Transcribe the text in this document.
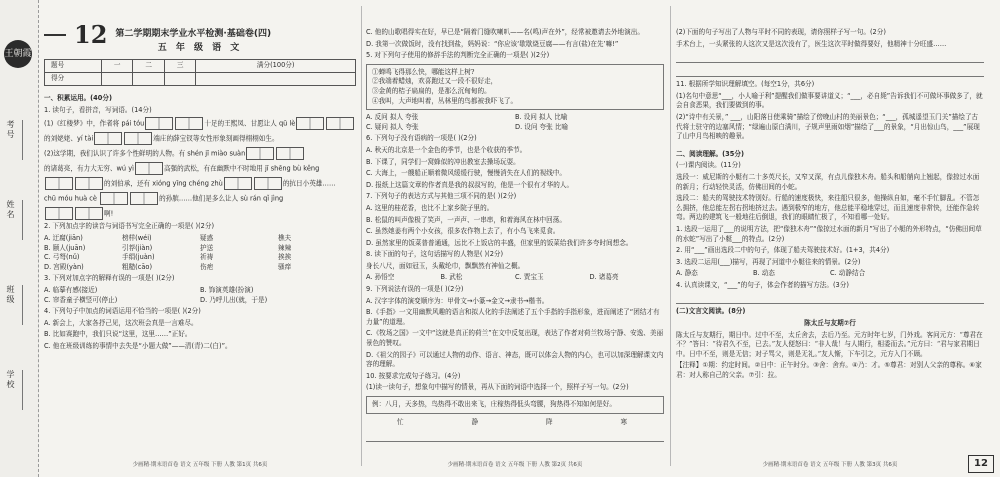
王朝霞
考号
姓名
班级
学校
12 第二学期期末学业水平检测·基础卷(四)
五 年 级 语 文
题号	一	二	三	满分(100分)
得分				
一、积累运用。(40分)
1. 读句子，看拼音，写词语。(14分)
(1)《红楼梦》中，作者将 pái tóu	十足的王熙凤、甘愿让人 qū lè
的刘姥姥、yí tài	端庄的薛宝钗等女性形象刻画得栩栩如生。
(2)这学期，我们认识了许多个性鲜明的人物。有 shén jī miào suàn
的诸葛亮，有力大无穷、wú yì	高强的武松，有在幽默中不时地用 jī shēng bù kěng
的刘伯承，还有 xióng yīng chéng zhù	的抗日小英雄……
chū móu huà cè	的孙膑……他们是多么让人 sù rán qǐ jìng
啊!
2. 下列加点字的读音与词语书写完全正确的一项是( )(2分)
A. 迂腐(jiān)	榜样(wéi)	疑惑	樵夫
B. 颐人(juān)	引荐(jiàn)	护送	辣辣
C. 弓弩(nǔ)	手绢(juàn)	祈祷	挨挨
D. 宫殿(yàn)	粗糙(cāo)	伤疤	骚痒
3. 下列对加点字的解释有误的一项是( )(2分)
A. 临摹有感(接近)	B. 饰演英雄(扮演)
C. 帘香童子横竖可(停止)	D. 乃呼儿出(就，于是)
4. 下列句子中加点的词语运用不恰当的一项是( )(2分)
A. 新会上，大家各抒己见，这次班会真是一言难尽。
B. 比如赛跑中，我们只说“这里，这里……”正好。
C. 他在班级训练的事情中去失是“小题大做”——清(青)二(白)”。
少画精·期末语首卷 语文 五年级 下册 人教 第1页 共6页
C. 他的山歌唱得实在好，早已是“隔着门缝吹喇叭——名(鸣)声在外”，经常被邀请去外地演出。
D. 我第一次做饭时，没有找到盐，妈妈说：“你应该‘歇歇烧豆腐——有言(盐)在先’嘛!”
5. 对下列句子使用的修辞手法的判断完全正确的一项是( )(2分)
①蝉鸣飞得那么快，哪能这样上树?
②我端着蜡烛，欢喜跑过又一段不很好走，
③金黄的桔子扁扁的，是那么沉甸甸的。
④我叫，大声地叫着，丛林里的鸟都被我吓飞了。
A. 反问 拟人 夸张	B. 设问 拟人 比喻
C. 疑问 拟人 夸张	D. 设问 夸张 比喻
6. 下列句子没有语病的一项是( )(2分)
A. 秋天的北京是一个金色的季节，也是个收获的季节。
B. 下课了，同学们一窝蜂似的冲出教室去操场玩耍。
C. 大海上，一艘船正顺着微风缓缓行驶，慢慢消失在人们的视线中。
D. 报纸上这篇文章的作者真是我的叔叔写的，他是一个很有才华的人。
7. 下列句子的表达方式与其他三项不同的是( )(2分)
A. 这里的桂花香，也比不上家乡院子里的。
B. 松鼠的叫声像极了笑声，一声声、一串串，和着海风在林中回荡。
C. 虽然她姜有两个小女孩，很多农作物上去了，有小鸟飞来觅食。
D. 虽然家里的饭菜普普通通，远比不上饭店的丰盛，但家里的饭菜给我们许多夸时间想念。
8. 读下面的句子，这句话描写的人物是( )(2分)
身长八尺，面如冠玉，头戴纶巾，飘飘然有神仙之概。
A. 孙悟空	B. 武松	C. 贾宝玉	D. 诸葛亮
9. 下列说法有误的一项是( )(2分)
A. 汉字字体的演变顺序为：甲骨文→小篆→金文→隶书→楷书。
B.《手指》一文用幽默风趣的语言和拟人化的手法阐述了五个手指的手指形象，进而阐述了“团结才有力量”的道理。
C.《牧场之国》一文中“这就是真正的荷兰”在文中反复出现，表达了作者对荷兰牧场宁静、安逸、美丽景色的赞叹。
D.《祖父的园子》可以通过人物的动作、语言、神态，既可以体会人物的内心，也可以加深理解课文内容的理解。
10. 按要求完成句子练习。(4分)
(1)读一读句子，想象句中描写的情景，再从下面的词语中选择一个，照样子写一句。(2分)
例：八月，天多热，鸟热得不敢出来飞，庄稼热得低头弯腰，狗热得不知如何是好。
忙	静	降	寒
少画精·期末语首卷 语文 五年级 下册 人教 第2页 共6页
(2)下面的句子写出了人物与平时不同的表现，请你照样子写一句。(2分)
手术台上，一头紧张的人这次又是这次没有了，医生这次平时做得要好，他精神十分旺盛……
11. 根据所学知识理解填空。(每空1分，共6分)
(1)名句中意思“___，小人喻于利”提醒我们做事要讲道义；“___，必自毙”告诉我们不可做坏事做多了，就会自食恶果，我们要做到的事。
(2)“诗中有关景，” ___，山阳落日使乘骑”描绘了傍晚山村的美丽景色；“___，孤城遥望玉门关”描绘了古代将士驻守的边塞风情；“绿遍山原白满川，子规声里雨如烟”描绘了___的景象，“月出惊山鸟，___”展现了山中月鸟相映的趣景。
二、阅读理解。(35分)
(一)课内阅读。(11分)
选段一：威尼斯的小艇有二十多英尺长，又窄又深，有点儿像独木舟。船头和船艄向上翘起，像掠过水面的新月；行动轻快灵活，仿佛田间的小蛇。
选段二：船夫的驾驶技术特别好。行船的速度极快，来往船只很多，他操纵自如，毫不手忙脚乱。不管怎么拥挤，他总能左拐右拐地挤过去。遇到极窄的地方，他总能平稳地穿过，而且速度非常快，还能作急转弯。两边的建筑飞一般地往后倒退，我们的眼睛忙极了，不知看哪一处好。
1. 选段一运用了___的说明方法，把“像独木舟”“像掠过水面的新月”写出了小艇的外形特点，“仿佛田间草的水蛇”写出了小艇___的特点。(2分)
2. 用“___”画出选段二中的句子，体现了船夫驾驶技术好。(1+3，共4分)
3. 选段二运用(___)描写，再现了河道中小艇往来的情景。(2分)
A. 静态	B. 动态	C. 动静结合
4. 认真读课文，“___”的句子，体会作者的描写方法。(3分)
(二)文言文阅读。(8分)
陈太丘与友期⑦行
陈太丘与友期行，期日中。过中不至，太丘舍去，去后乃至。元方时年七岁，门外戏。客问元方：“尊君在不？”答曰：“待君久不至，已去。”友人便怒曰：“非人哉！与人期行，相委而去。”元方曰：“君与家君期日中。日中不至，则是无信；对子骂父，则是无礼。”友人惭，下车引之，元方入门不顾。
【注释】①期：约定时间。②日中：正午时分。③舍：舍弃。④乃：才。⑤尊君：对别人父亲的尊称。⑥家君：对人称自己的父亲。⑦引：拉。
少画精·期末语首卷 语文 五年级 下册 人教 第3页 共6页	12
